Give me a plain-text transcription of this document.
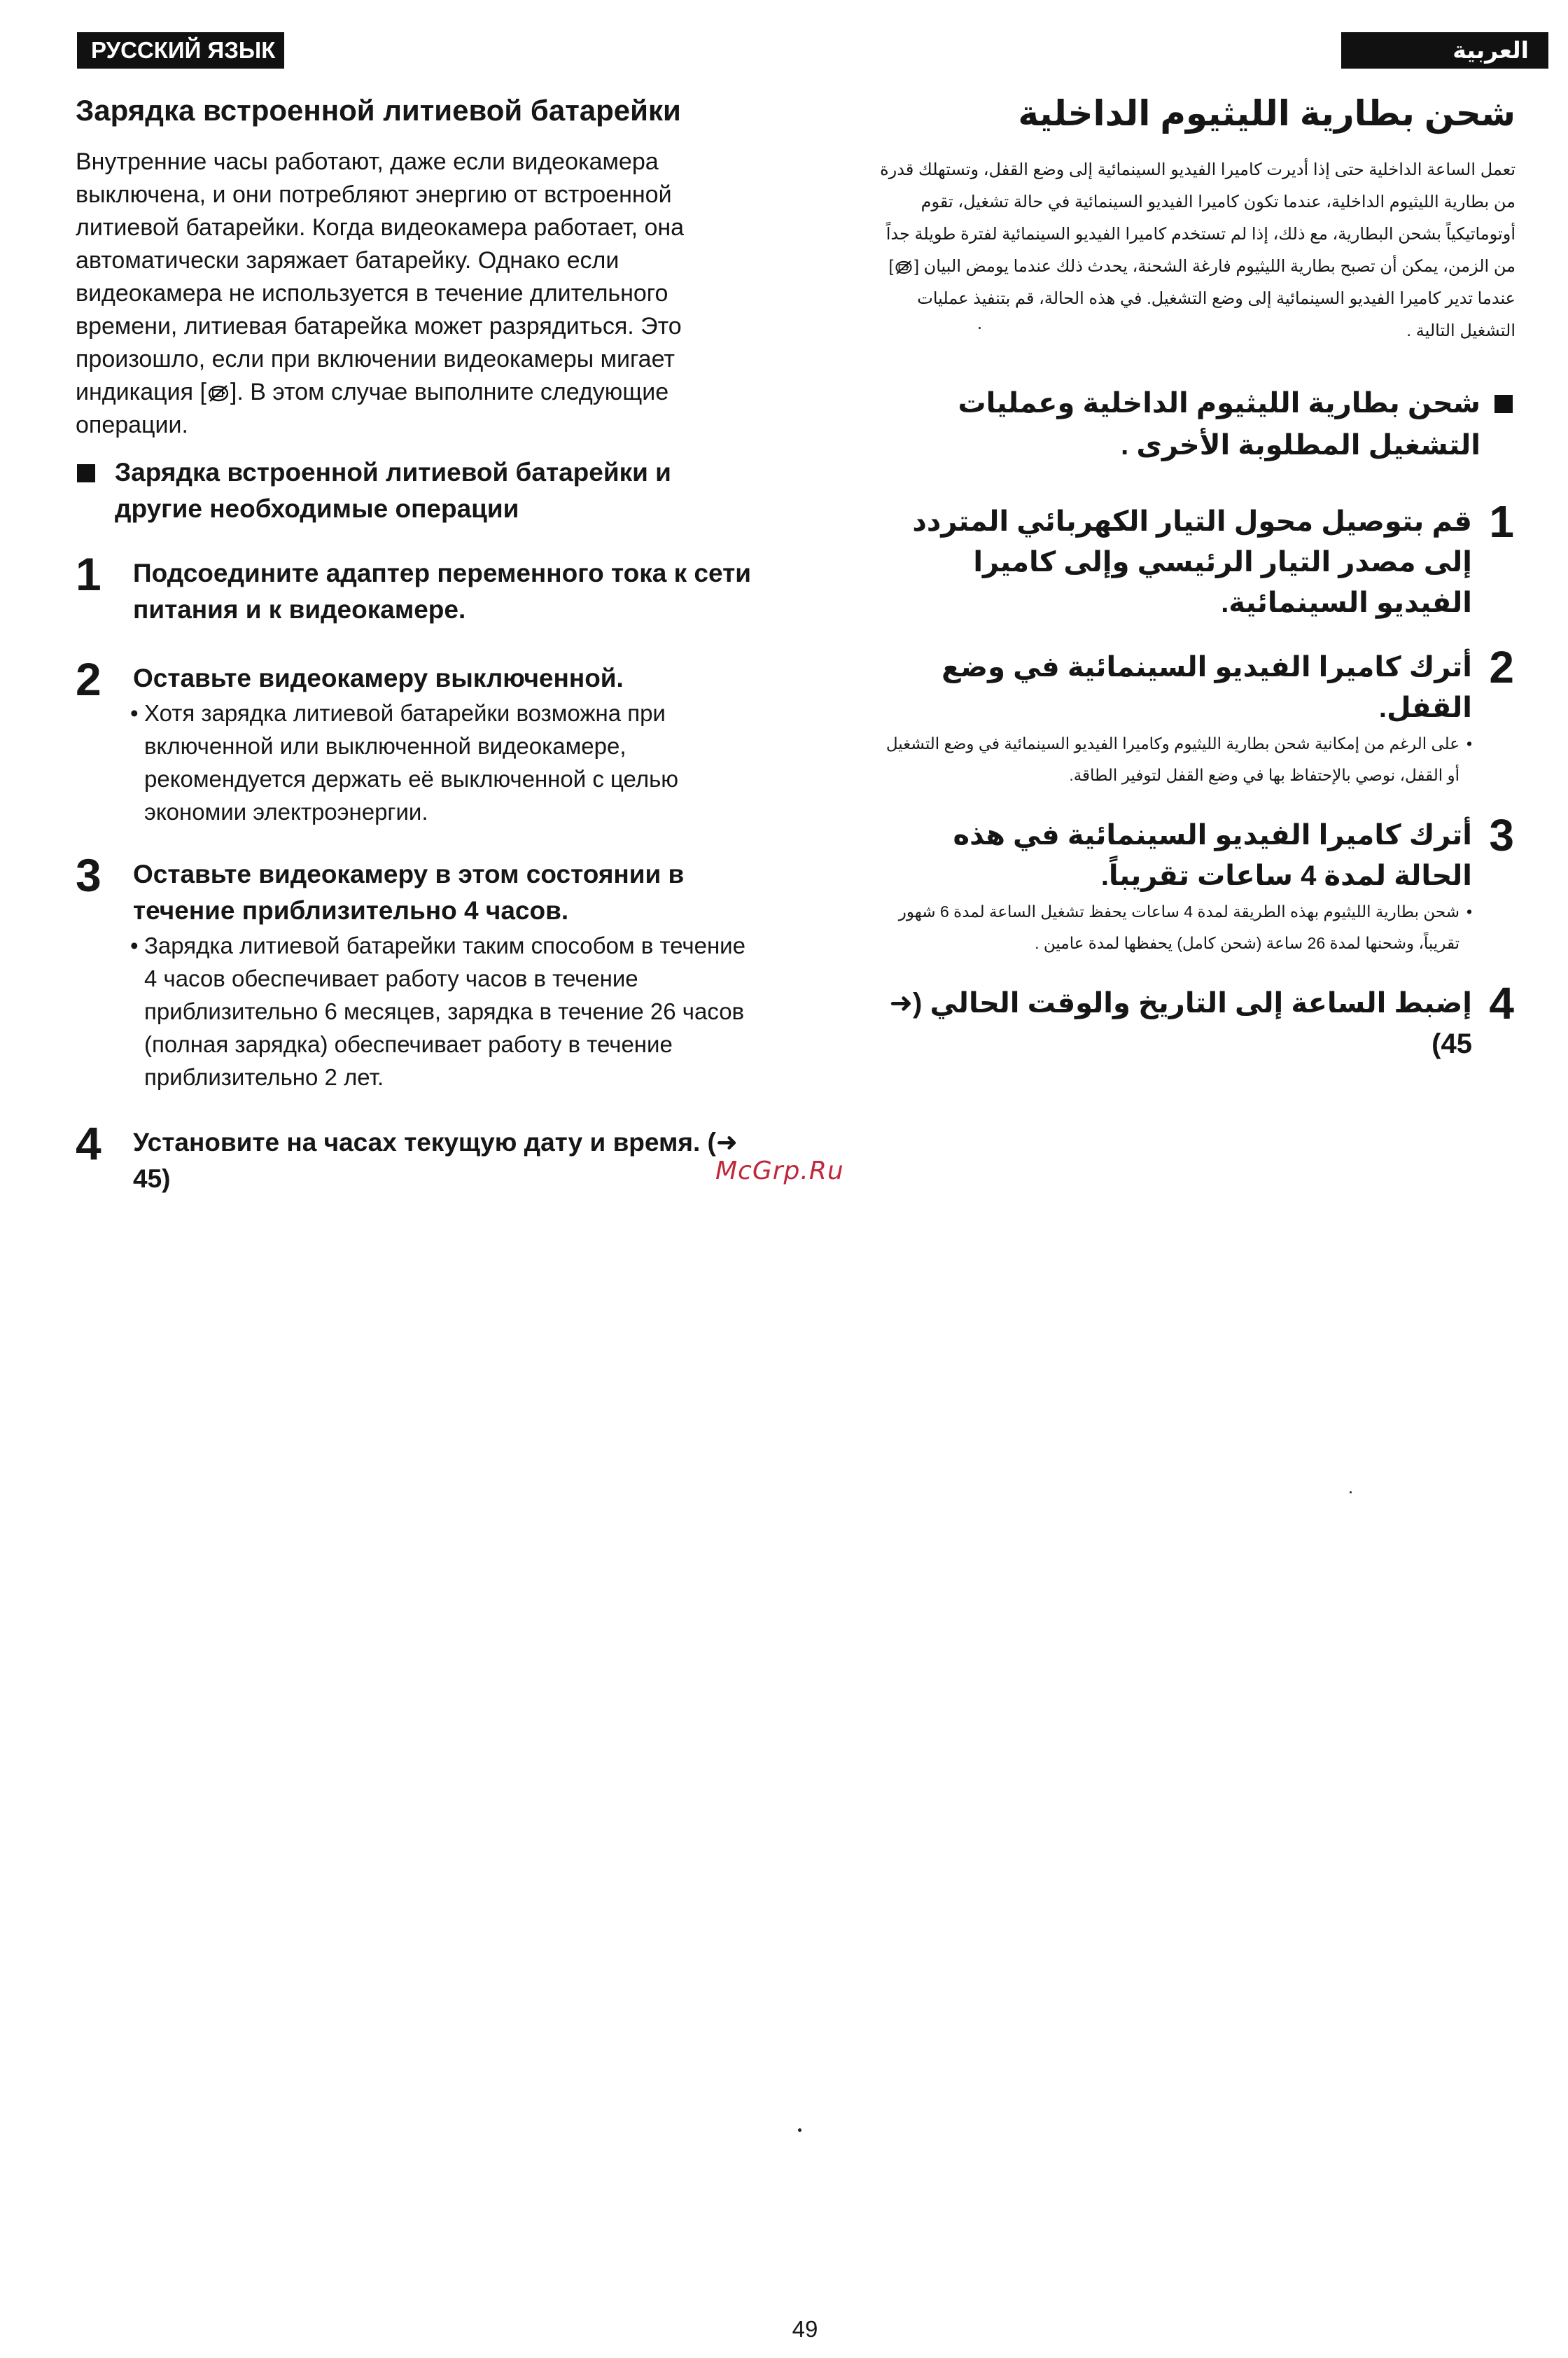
РУССКИЙ ЯЗЫК	العربية
Зарядка встроенной литиевой батарейки

Внутренние часы работают, даже если видеокамера выключена, и они потребляют энергию от встроенной литиевой батарейки. Когда видеокамера работает, она автоматически заряжает батарейку. Однако если видеокамера не используется в течение длительного времени, литиевая батарейка может разрядиться. Это произошло, если при включении видеокамеры мигает индикация [ ]. В этом случае выполните следующие операции.

Зарядка встроенной литиевой батарейки и другие необходимые операции
1 Подсоедините адаптер переменного тока к сети питания и к видеокамере.
2 Оставьте видеокамеру выключенной.
• Хотя зарядка литиевой батарейки возможна при включенной или выключенной видеокамере, рекомендуется держать её выключенной с целью экономии электроэнергии.
3 Оставьте видеокамеру в этом состоянии в течение приблизительно 4 часов.
• Зарядка литиевой батарейки таким способом в течение 4 часов обеспечивает работу часов в течение приблизительно 6 месяцев, зарядка в течение 26 часов (полная зарядка) обеспечивает работу в течение приблизительно 2 лет.
4 Установите на часах текущую дату и время. (➜ 45)
شحن بطارية الليثيوم الداخلية

تعمل الساعة الداخلية حتى إذا أديرت كاميرا الفيديو السينمائية إلى وضع القفل، وتستهلك قدرة من بطارية الليثيوم الداخلية، عندما تكون كاميرا الفيديو السينمائية في حالة تشغيل، تقوم أوتوماتيكياً بشحن البطارية، مع ذلك، إذا لم تستخدم كاميرا الفيديو السينمائية لفترة طويلة جداً من الزمن، يمكن أن تصبح بطارية الليثيوم فارغة الشحنة، يحدث ذلك عندما يومض البيان [] عندما تدير كاميرا الفيديو السينمائية إلى وضع التشغيل. في هذه الحالة، قم بتنفيذ عمليات التشغيل التالية .

شحن بطارية الليثيوم الداخلية وعمليات التشغيل المطلوبة الأخرى .
1
قم بتوصيل محول التيار الكهربائي المتردد إلى مصدر التيار الرئيسي وإلى كاميرا الفيديو السينمائية.
2
أترك كاميرا الفيديو السينمائية في وضع القفل.
•
على الرغم من إمكانية شحن بطارية الليثيوم وكاميرا الفيديو السينمائية في وضع التشغيل أو القفل، نوصي بالإحتفاظ بها في وضع القفل لتوفير الطاقة.
3
أترك كاميرا الفيديو السينمائية في هذه الحالة لمدة 4 ساعات تقريباً.
•
شحن بطارية الليثيوم بهذه الطريقة لمدة 4 ساعات يحفظ تشغيل الساعة لمدة 6 شهور تقريباً، وشحنها لمدة 26 ساعة (شحن كامل) يحفظها لمدة عامين .
4
إضبط الساعة إلى التاريخ والوقت الحالي (➜ 45)
McGrp.Ru
49
